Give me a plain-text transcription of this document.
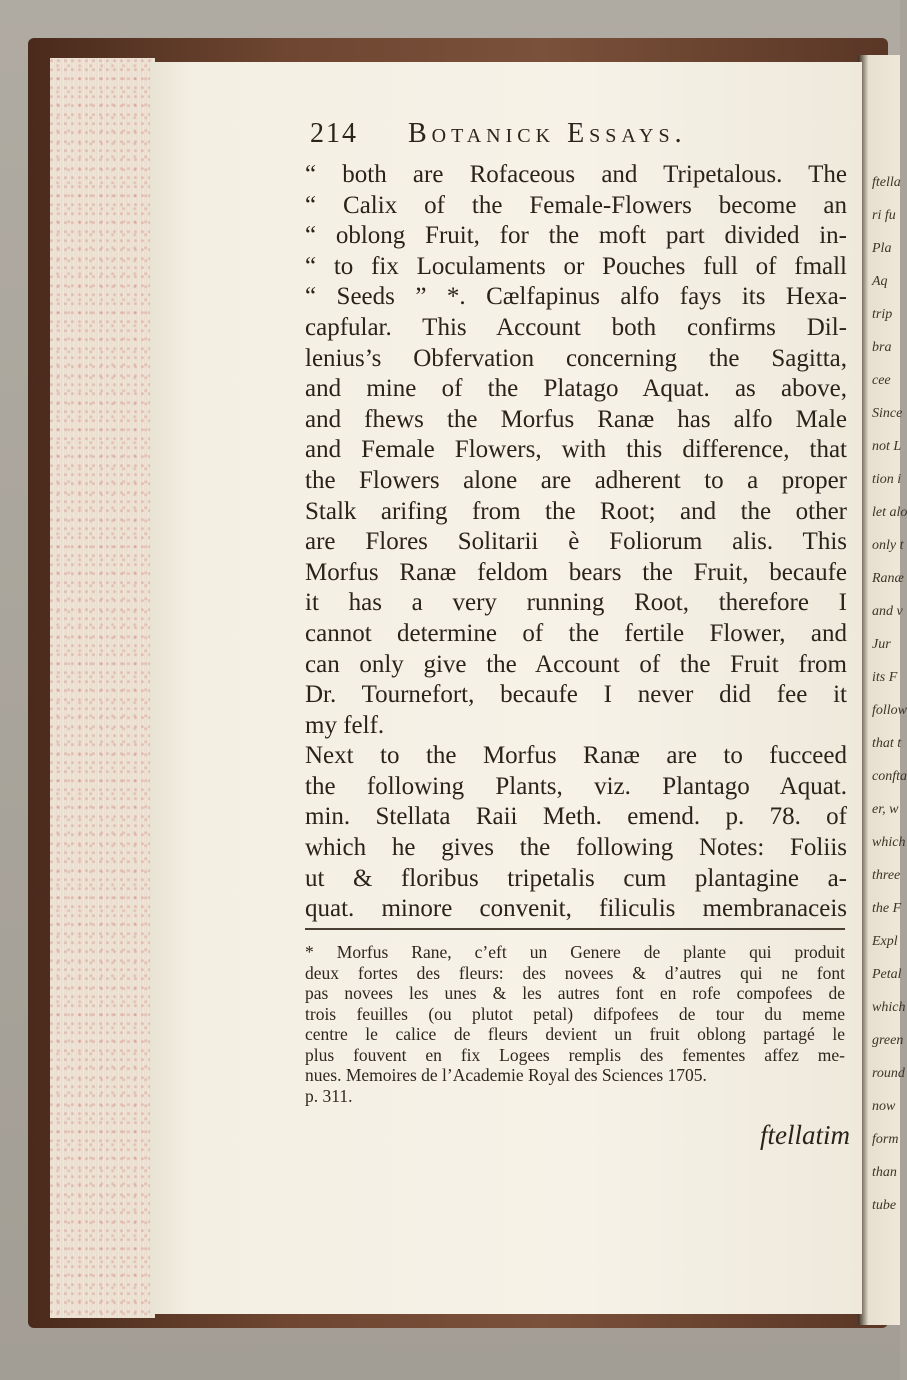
ftella
ri fu
Pla
Aq
trip
bra
cee
Since
not L
tion i
let alo
only t
Ranæ
and v
Jur
its F
follow
that t
confta
er, w
which
three
the F
Expl
Petal
which
green
round
now
form
than
tube
214 Botanick Essays.
“ both are Rofaceous and Tripetalous. The
“ Calix of the Female-Flowers become an
“ oblong Fruit, for the moft part divided in-
“ to fix Loculaments or Pouches full of fmall
“ Seeds ” *. Cælfapinus alfo fays its Hexa-
capfular. This Account both confirms Dil-
lenius’s Obfervation concerning the Sagitta,
and mine of the Platago Aquat. as above,
and fhews the Morfus Ranæ has alfo Male
and Female Flowers, with this difference, that
the Flowers alone are adherent to a proper
Stalk arifing from the Root; and the other
are Flores Solitarii è Foliorum alis. This
Morfus Ranæ feldom bears the Fruit, becaufe
it has a very running Root, therefore I
cannot determine of the fertile Flower, and
can only give the Account of the Fruit from
Dr. Tournefort, becaufe I never did fee it
my felf.
Next to the Morfus Ranæ are to fucceed
the following Plants, viz. Plantago Aquat.
min. Stellata Raii Meth. emend. p. 78. of
which he gives the following Notes: Foliis
ut & floribus tripetalis cum plantagine a-
quat. minore convenit, filiculis membranaceis
* Morfus Rane, c’eft un Genere de plante qui produit
deux fortes des fleurs: des novees & d’autres qui ne font
pas novees les unes & les autres font en rofe compofees de
trois feuilles (ou plutot petal) difpofees de tour du meme
centre le calice de fleurs devient un fruit oblong partagé le
plus fouvent en fix Logees remplis des fementes affez me-
nues. Memoires de l’Academie Royal des Sciences 1705.
p. 311.
ftellatim
